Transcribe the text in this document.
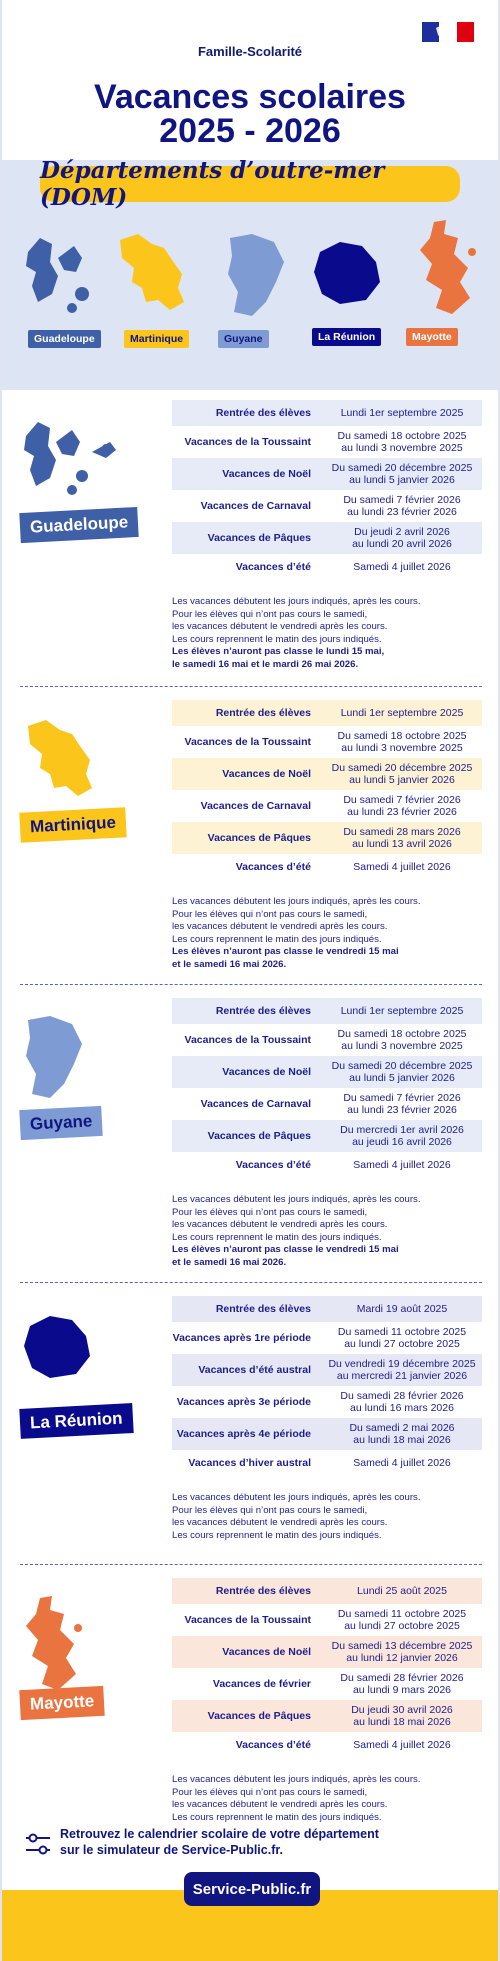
Famille-Scolarité
Vacances scolaires
2025 - 2026
Départements d’outre-mer (DOM)
Guadeloupe	Martinique	Guyane	La Réunion	Mayotte
Guadeloupe
Rentrée des élèves	Lundi 1er septembre 2025
Vacances de la Toussaint	Du samedi 18 octobre 2025
au lundi 3 novembre 2025
Vacances de Noël	Du samedi 20 décembre 2025
au lundi 5 janvier 2026
Vacances de Carnaval	Du samedi 7 février 2026
au lundi 23 février 2026
Vacances de Pâques	Du jeudi 2 avril 2026
au lundi 20 avril 2026
Vacances d’été	Samedi 4 juillet 2026
Les vacances débutent les jours indiqués, après les cours.
Pour les élèves qui n’ont pas cours le samedi,
les vacances débutent le vendredi après les cours.
Les cours reprennent le matin des jours indiqués.
Les élèves n’auront pas classe le lundi 15 mai,
le samedi 16 mai et le mardi 26 mai 2026.
Martinique
Rentrée des élèves	Lundi 1er septembre 2025
Vacances de la Toussaint	Du samedi 18 octobre 2025
au lundi 3 novembre 2025
Vacances de Noël	Du samedi 20 décembre 2025
au lundi 5 janvier 2026
Vacances de Carnaval	Du samedi 7 février 2026
au lundi 23 février 2026
Vacances de Pâques	Du samedi 28 mars 2026
au lundi 13 avril 2026
Vacances d’été	Samedi 4 juillet 2026
Les vacances débutent les jours indiqués, après les cours.
Pour les élèves qui n’ont pas cours le samedi,
les vacances débutent le vendredi après les cours.
Les cours reprennent le matin des jours indiqués.
Les élèves n’auront pas classe le vendredi 15 mai
et le samedi 16 mai 2026.
Guyane
Rentrée des élèves	Lundi 1er septembre 2025
Vacances de la Toussaint	Du samedi 18 octobre 2025
au lundi 3 novembre 2025
Vacances de Noël	Du samedi 20 décembre 2025
au lundi 5 janvier 2026
Vacances de Carnaval	Du samedi 7 février 2026
au lundi 23 février 2026
Vacances de Pâques	Du mercredi 1er avril 2026
au jeudi 16 avril 2026
Vacances d’été	Samedi 4 juillet 2026
Les vacances débutent les jours indiqués, après les cours.
Pour les élèves qui n’ont pas cours le samedi,
les vacances débutent le vendredi après les cours.
Les cours reprennent le matin des jours indiqués.
Les élèves n’auront pas classe le vendredi 15 mai
et le samedi 16 mai 2026.
La Réunion
Rentrée des élèves	Mardi 19 août 2025
Vacances après 1re période	Du samedi 11 octobre 2025
au lundi 27 octobre 2025
Vacances d’été austral	Du vendredi 19 décembre 2025
au mercredi 21 janvier 2026
Vacances après 3e période	Du samedi 28 février 2026
au lundi 16 mars 2026
Vacances après 4e période	Du samedi 2 mai 2026
au lundi 18 mai 2026
Vacances d’hiver austral	Samedi 4 juillet 2026
Les vacances débutent les jours indiqués, après les cours.
Pour les élèves qui n’ont pas cours le samedi,
les vacances débutent le vendredi après les cours.
Les cours reprennent le matin des jours indiqués.
Mayotte
Rentrée des élèves	Lundi 25 août 2025
Vacances de la Toussaint	Du samedi 11 octobre 2025
au lundi 27 octobre 2025
Vacances de Noël	Du samedi 13 décembre 2025
au lundi 12 janvier 2026
Vacances de février	Du samedi 28 février 2026
au lundi 9 mars 2026
Vacances de Pâques	Du jeudi 30 avril 2026
au lundi 18 mai 2026
Vacances d’été	Samedi 4 juillet 2026
Les vacances débutent les jours indiqués, après les cours.
Pour les élèves qui n’ont pas cours le samedi,
les vacances débutent le vendredi après les cours.
Les cours reprennent le matin des jours indiqués.
Retrouvez le calendrier scolaire de votre département
sur le simulateur de Service-Public.fr.
Service-Public.fr
